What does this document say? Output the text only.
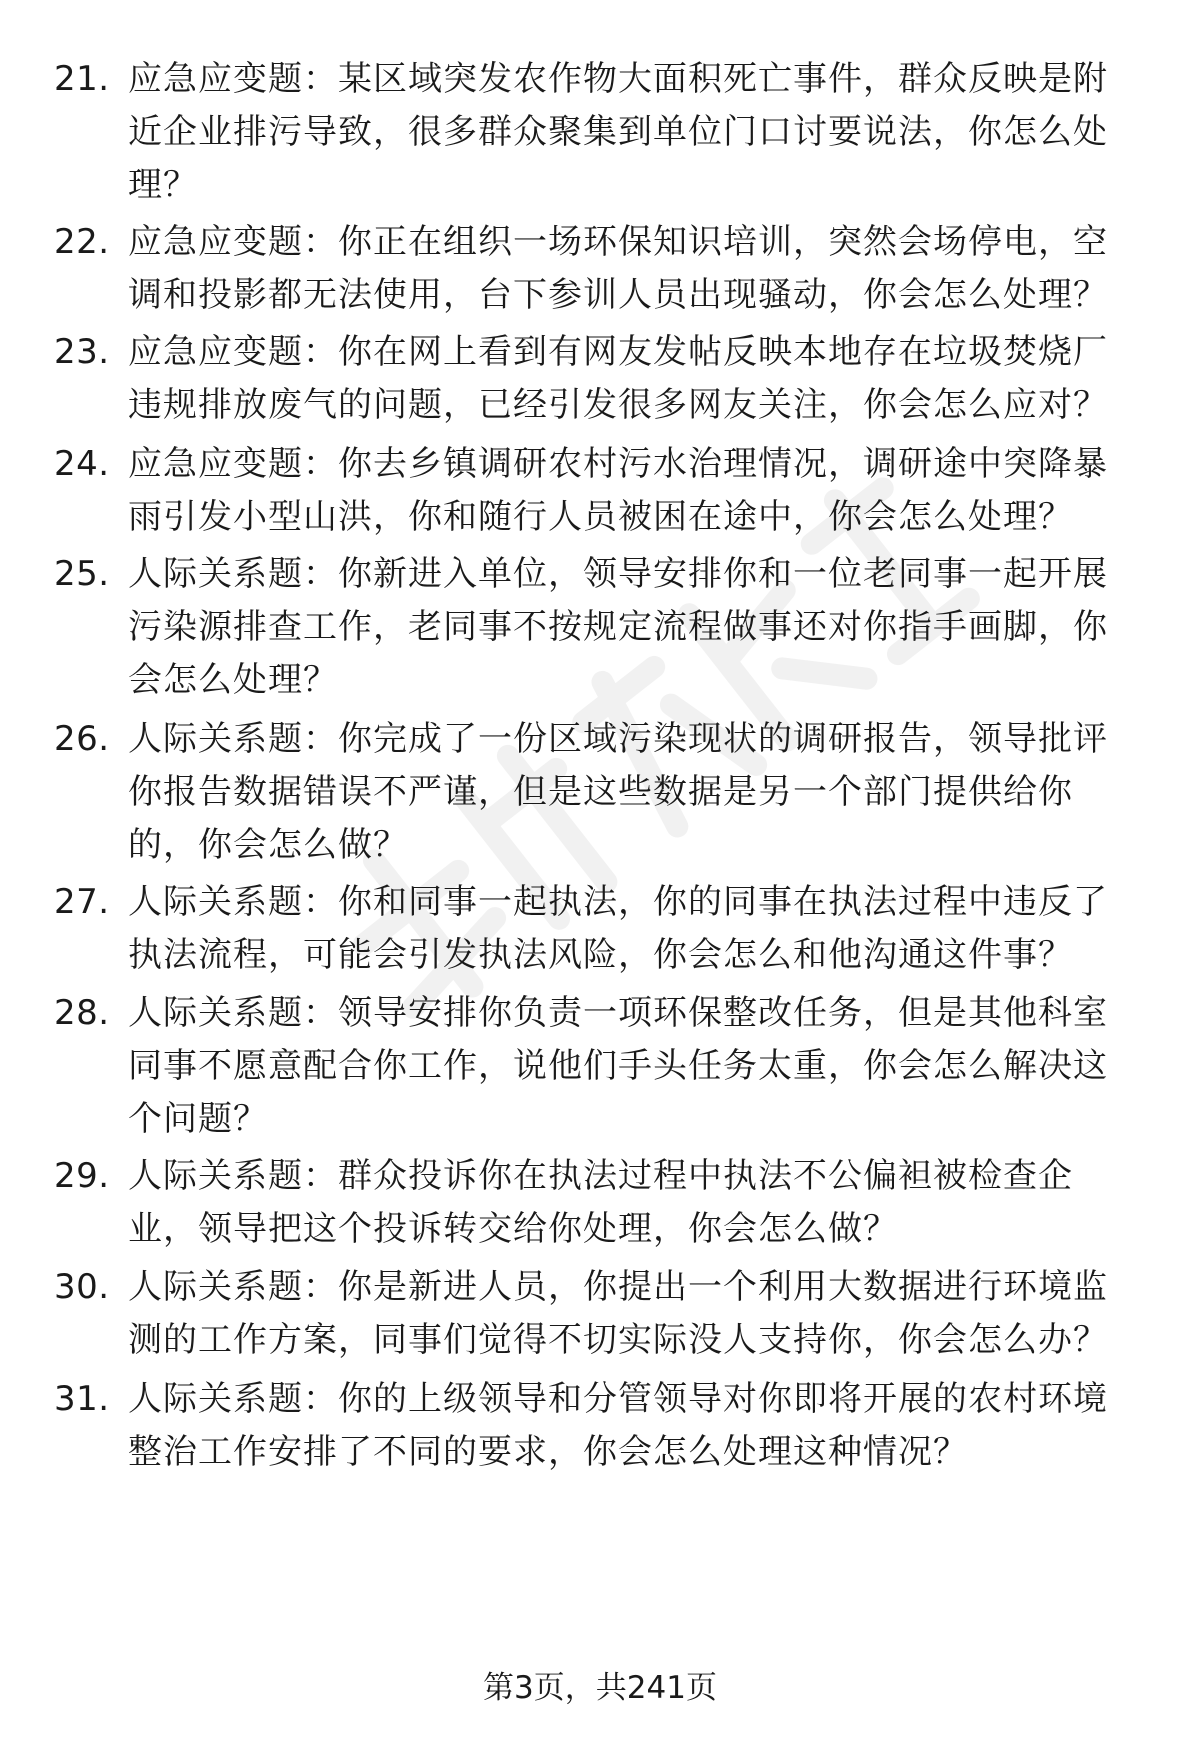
21. 应急应变题：某区域突发农作物大面积死亡事件，群众反映是附
近企业排污导致，很多群众聚集到单位门口讨要说法，你怎么处
理？
22. 应急应变题：你正在组织一场环保知识培训，突然会场停电，空
调和投影都无法使用，台下参训人员出现骚动，你会怎么处理？
23. 应急应变题：你在网上看到有网友发帖反映本地存在垃圾焚烧厂
违规排放废气的问题，已经引发很多网友关注，你会怎么应对？
24. 应急应变题：你去乡镇调研农村污水治理情况，调研途中突降暴
雨引发小型山洪，你和随行人员被困在途中，你会怎么处理？
25. 人际关系题：你新进入单位，领导安排你和一位老同事一起开展
污染源排查工作，老同事不按规定流程做事还对你指手画脚，你
会怎么处理？
26. 人际关系题：你完成了一份区域污染现状的调研报告，领导批评
你报告数据错误不严谨，但是这些数据是另一个部门提供给你
的，你会怎么做？
27. 人际关系题：你和同事一起执法，你的同事在执法过程中违反了
执法流程，可能会引发执法风险，你会怎么和他沟通这件事？
28. 人际关系题：领导安排你负责一项环保整改任务，但是其他科室
同事不愿意配合你工作，说他们手头任务太重，你会怎么解决这
个问题？
29. 人际关系题：群众投诉你在执法过程中执法不公偏袒被检查企
业，领导把这个投诉转交给你处理，你会怎么做？
30. 人际关系题：你是新进人员，你提出一个利用大数据进行环境监
测的工作方案，同事们觉得不切实际没人支持你，你会怎么办？
31. 人际关系题：你的上级领导和分管领导对你即将开展的农村环境
整治工作安排了不同的要求，你会怎么处理这种情况？
第3页，共241页
